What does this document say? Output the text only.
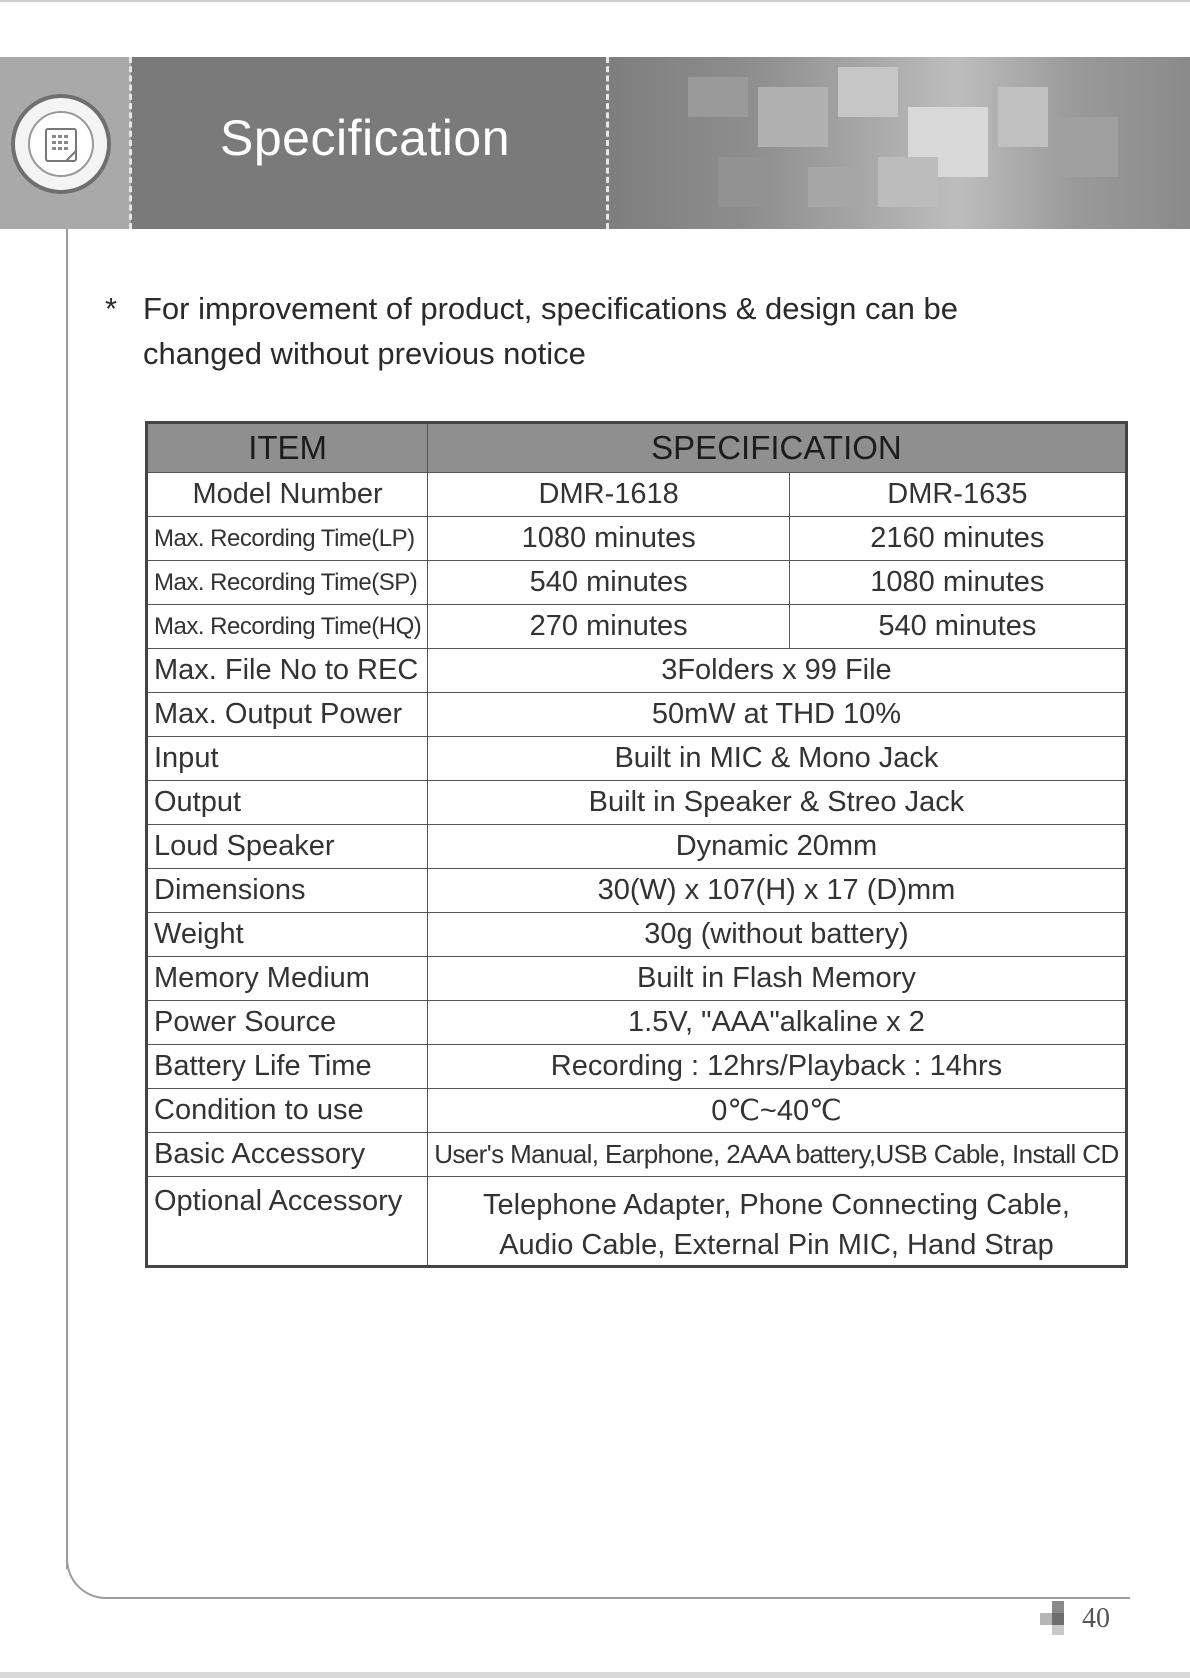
Specification
* For improvement of product, specifications & design can be
changed without previous notice
ITEM	SPECIFICATION	
Model Number	DMR-1618	DMR-1635
Max. Recording Time(LP)	1080 minutes	2160 minutes
Max. Recording Time(SP)	540 minutes	1080 minutes
Max. Recording Time(HQ)	270 minutes	540 minutes
Max. File No to REC	3Folders x 99 File	
Max. Output Power	50mW at THD 10%	
Input	Built in MIC & Mono Jack	
Output	Built in Speaker & Streo Jack	
Loud Speaker	Dynamic 20mm	
Dimensions	30(W) x 107(H) x 17 (D)mm	
Weight	30g (without battery)	
Memory Medium	Built in Flash Memory	
Power Source	1.5V, "AAA"alkaline x 2	
Battery Life Time	Recording : 12hrs/Playback : 14hrs	
Condition to use	0℃~40℃	
Basic Accessory	User's Manual, Earphone, 2AAA battery,USB Cable, Install CD	
Optional Accessory	Telephone Adapter, Phone Connecting Cable,
Audio Cable, External Pin MIC, Hand Strap	
40
